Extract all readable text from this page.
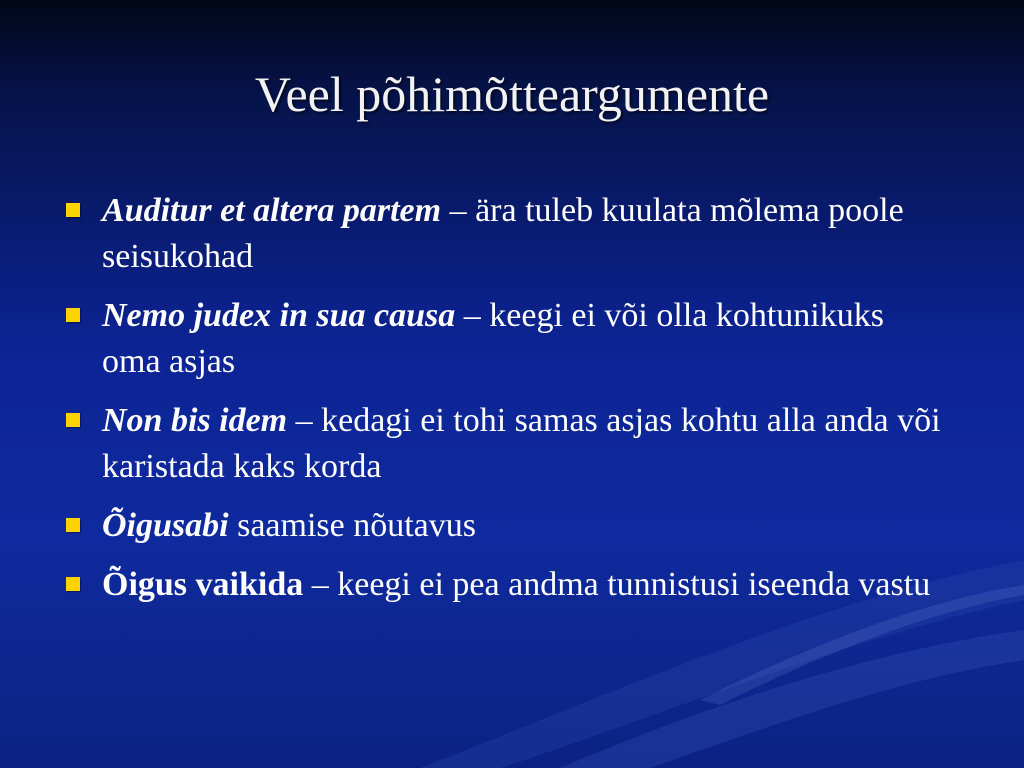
Veel põhimõtteargumente
Auditur et altera partem – ära tuleb kuulata mõlema poole seisukohad
Nemo judex in sua causa – keegi ei või olla kohtunikuks oma asjas
Non bis idem – kedagi ei tohi samas asjas kohtu alla anda või karistada kaks korda
Õigusabi saamise nõutavus
Õigus vaikida – keegi ei pea andma tunnistusi iseenda vastu
